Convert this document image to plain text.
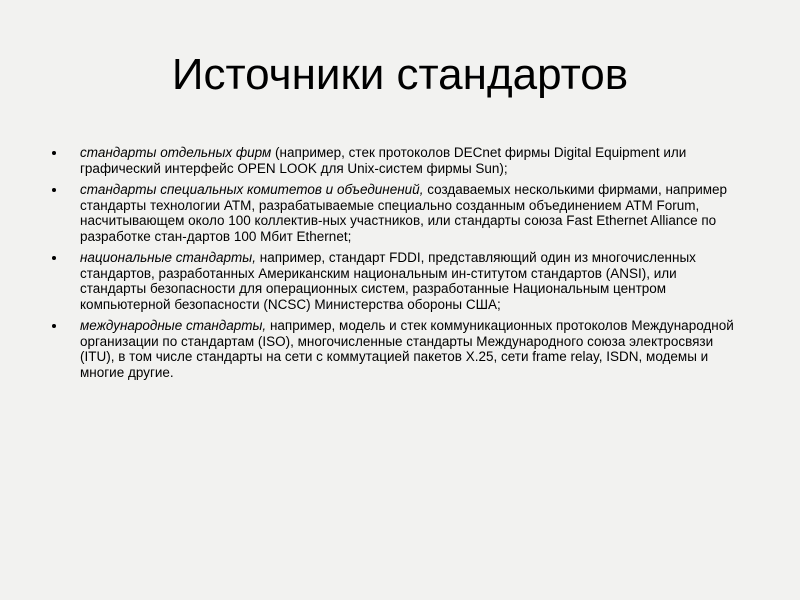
Источники стандартов
стандарты отдельных фирм (например, стек протоколов DECnet фирмы Digital Equipment или графический интерфейс OPEN LOOK для Unix-систем фирмы Sun);
стандарты специальных комитетов и объединений, создаваемых несколькими фирмами, например стандарты технологии АТМ, разрабатываемые специально созданным объединением АТМ Forum, насчитывающем около 100 коллектив-ных участников, или стандарты союза Fast Ethernet Alliance по разработке стан-дартов 100 Мбит Ethernet;
национальные стандарты, например, стандарт FDDI, представляющий один из многочисленных стандартов, разработанных Американским национальным ин-ститутом стандартов (ANSI), или стандарты безопасности для операционных систем, разработанные Национальным центром компьютерной безопасности (NCSC) Министерства обороны США;
международные стандарты, например, модель и стек коммуникационных протоколов Международной организации по стандартам (ISO), многочисленные стандарты Международного союза электросвязи (ITU), в том числе стандарты на сети с коммутацией пакетов X.25, сети frame relay, ISDN, модемы и многие другие.
